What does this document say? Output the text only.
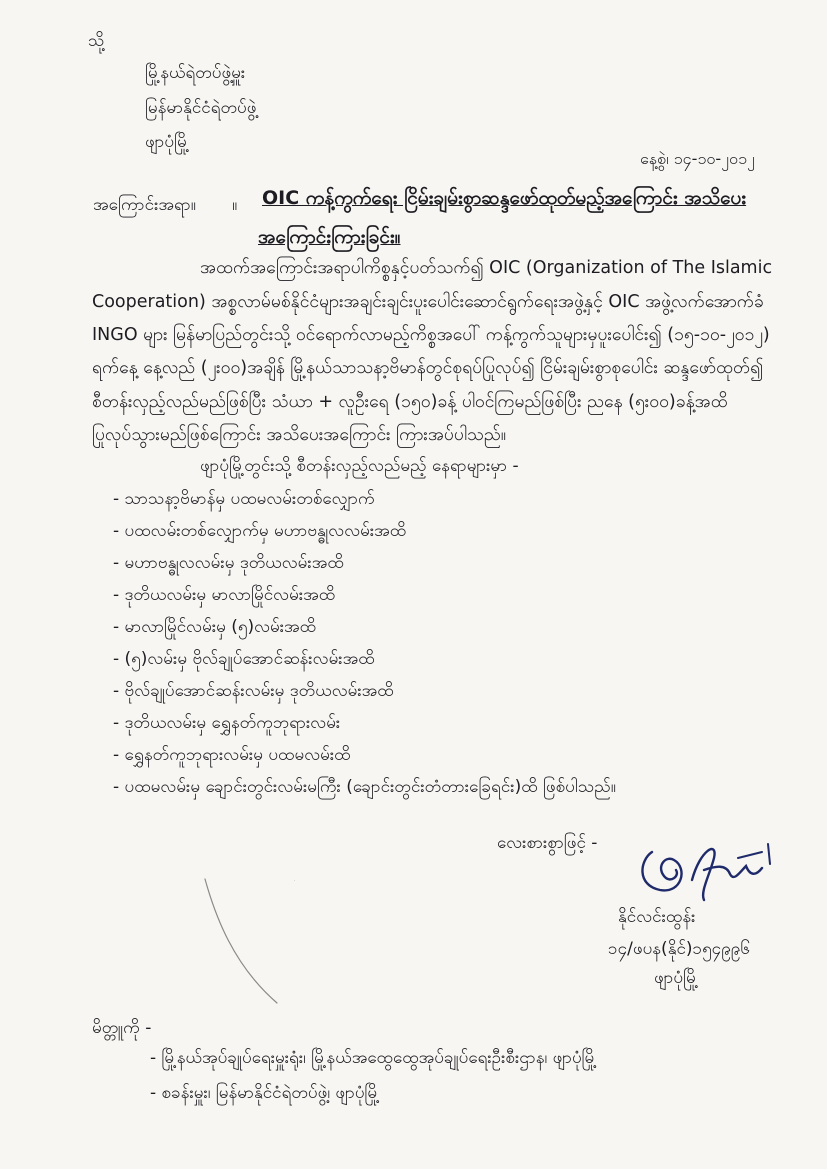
သို့
မြို့နယ်ရဲတပ်ဖွဲ့မှူး
မြန်မာနိုင်ငံရဲတပ်ဖွဲ့
ဖျာပုံမြို့
နေ့စွဲ၊ ၁၄-၁၀-၂၀၁၂
အကြောင်းအရာ။ ။ OIC ကန့်ကွက်ရေး ငြိမ်းချမ်းစွာဆန္ဒဖော်ထုတ်မည့်အကြောင်း အသိပေး
အကြောင်းကြားခြင်း။
အထက်အကြောင်းအရာပါကိစ္စနှင့်ပတ်သက်၍ OIC (Organization of The Islamic
Cooperation) အစ္စလာမ်မစ်နိုင်ငံများအချင်းချင်းပူးပေါင်းဆောင်ရွက်ရေးအဖွဲ့နှင့် OIC အဖွဲ့လက်အောက်ခံ
INGO များ မြန်မာပြည်တွင်းသို့ ဝင်ရောက်လာမည့်ကိစ္စအပေါ် ကန့်ကွက်သူများမှပူးပေါင်း၍ (၁၅-၁၀-၂၀၁၂)
ရက်နေ့ နေ့လည် (၂း၀၀)အချိန် မြို့နယ်သာသနာ့ဗိမာန်တွင်စုရပ်ပြုလုပ်၍ ငြိမ်းချမ်းစွာစုပေါင်း ဆန္ဒဖော်ထုတ်၍
စီတန်းလှည့်လည်မည်ဖြစ်ပြီး သံယာ + လူဦးရေ (၁၅၀)ခန့် ပါဝင်ကြမည်ဖြစ်ပြီး ညနေ (၅း၀၀)ခန့်အထိ
ပြုလုပ်သွားမည်ဖြစ်ကြောင်း အသိပေးအကြောင်း ကြားအပ်ပါသည်။
ဖျာပုံမြို့တွင်းသို့ စီတန်းလှည့်လည်မည့် နေရာများမှာ -
- သာသနာ့ဗိမာန်မှ ပထမလမ်းတစ်လျှောက်
- ပထလမ်းတစ်လျှောက်မှ မဟာဗန္ဓုလလမ်းအထိ
- မဟာဗန္ဓုလလမ်းမှ ဒုတိယလမ်းအထိ
- ဒုတိယလမ်းမှ မာလာမြိုင်လမ်းအထိ
- မာလာမြိုင်လမ်းမှ (၅)လမ်းအထိ
- (၅)လမ်းမှ ဗိုလ်ချုပ်အောင်ဆန်းလမ်းအထိ
- ဗိုလ်ချုပ်အောင်ဆန်းလမ်းမှ ဒုတိယလမ်းအထိ
- ဒုတိယလမ်းမှ ရွှေနတ်ကူဘုရားလမ်း
- ရွှေနတ်ကူဘုရားလမ်းမှ ပထမလမ်းထိ
- ပထမလမ်းမှ ချောင်းတွင်းလမ်းမကြီး (ချောင်းတွင်းတံတားခြေရင်း)ထိ ဖြစ်ပါသည်။
လေးစားစွာဖြင့် -
နိုင်လင်းထွန်း
၁၄/ဖပန(နိုင်)၁၅၄၉၉၆
ဖျာပုံမြို့
မိတ္တူကို -
- မြို့နယ်အုပ်ချုပ်ရေးမှူးရုံး၊ မြို့နယ်အထွေထွေအုပ်ချုပ်ရေးဦးစီးဌာန၊ ဖျာပုံမြို့
- စခန်းမှူး၊ မြန်မာနိုင်ငံရဲတပ်ဖွဲ့၊ ဖျာပုံမြို့
